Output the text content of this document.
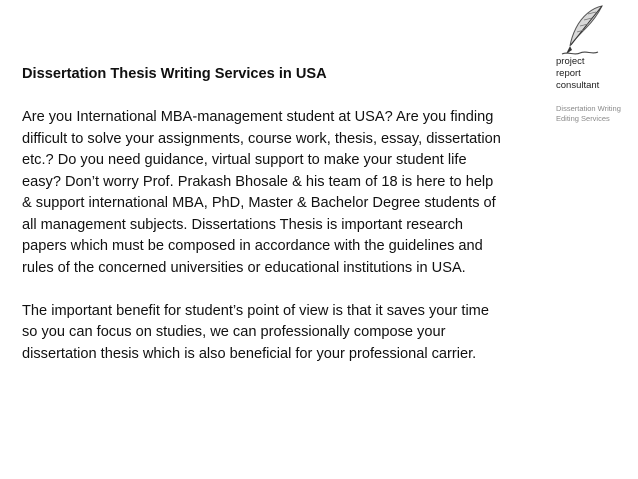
project
report
consultant
Dissertation Writing
Editing Services

Dissertation Thesis Writing Services in USA

Are you International MBA-management student at USA? Are you finding difficult to solve your assignments, course work, thesis, essay, dissertation etc.? Do you need guidance, virtual support to make your student life easy? Don’t worry Prof. Prakash Bhosale & his team of 18 is here to help & support international MBA, PhD, Master & Bachelor Degree students of all management subjects. Dissertations Thesis is important research papers which must be composed in accordance with the guidelines and rules of the concerned universities or educational institutions in USA.

The important benefit for student’s point of view is that it saves your time so you can focus on studies, we can professionally compose your dissertation thesis which is also beneficial for your professional carrier.
